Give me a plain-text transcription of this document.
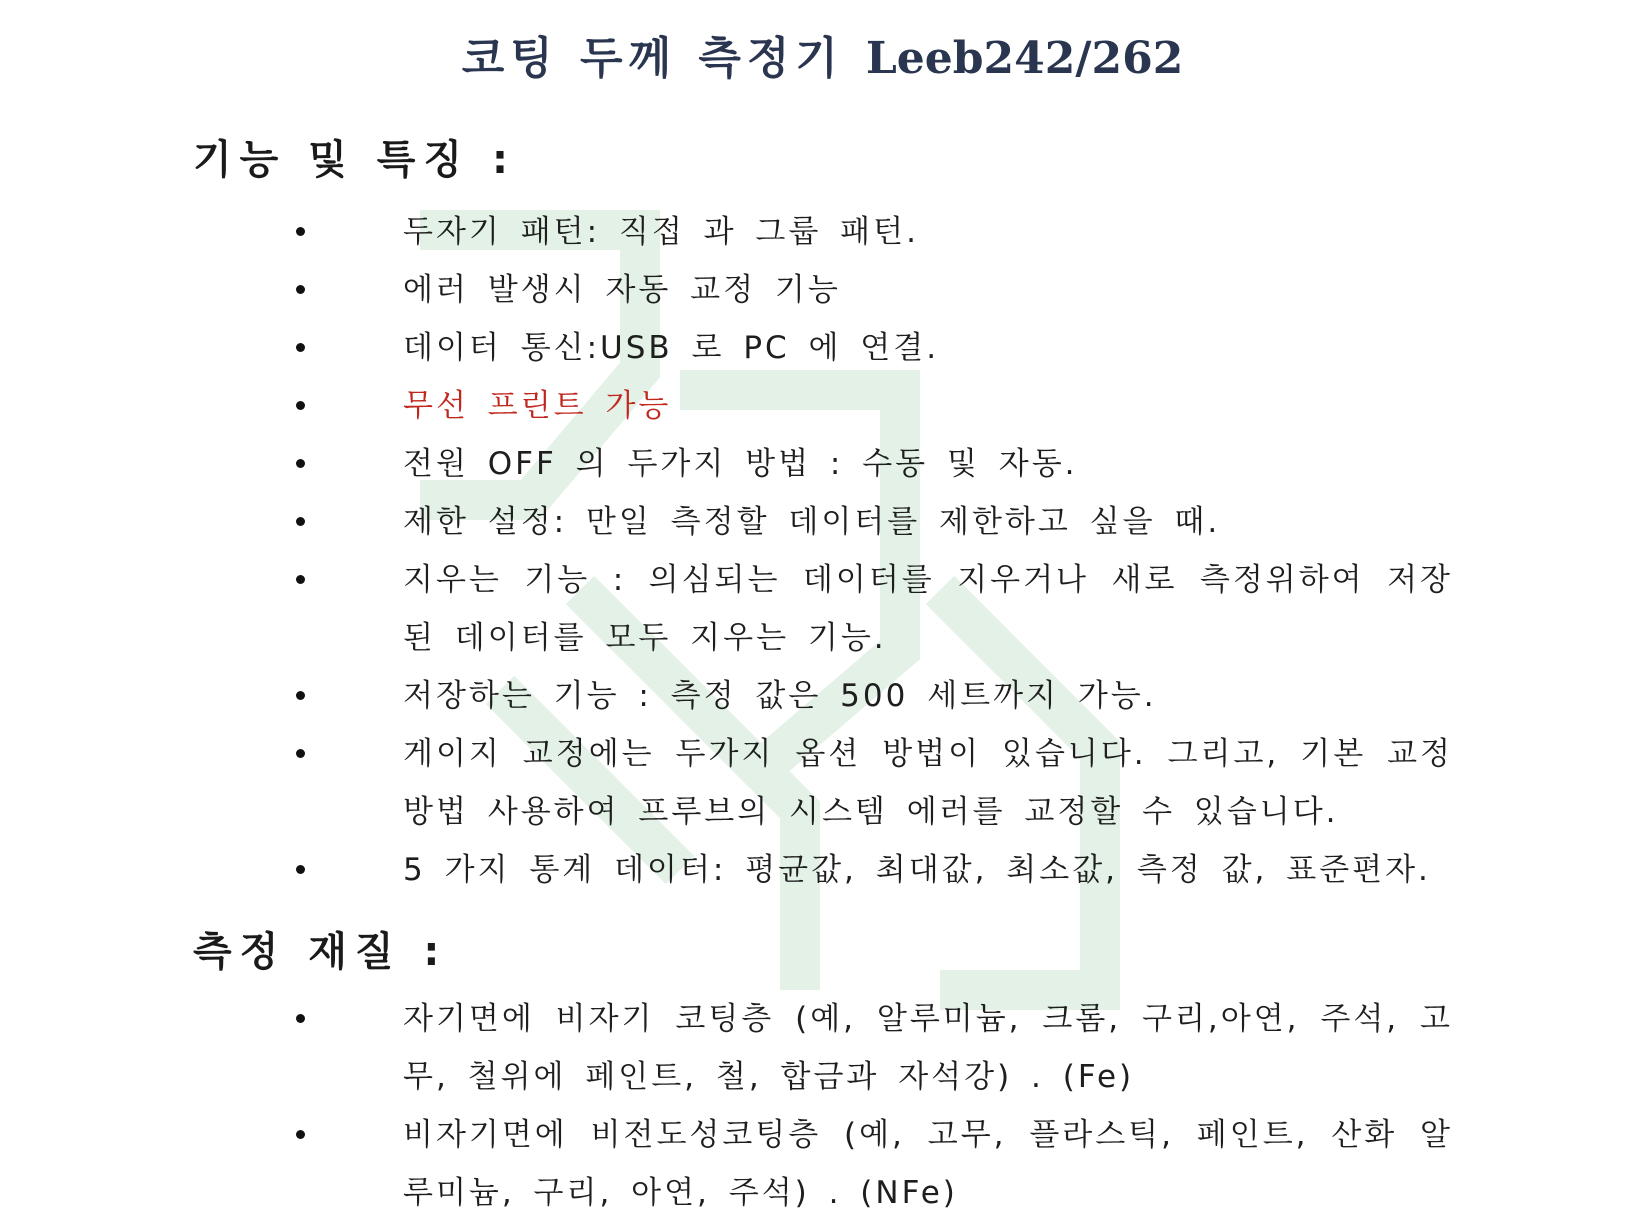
코팅 두께 측정기 Leeb242/262
기능 및 특징 :
두자기 패턴: 직접 과 그룹 패턴.
에러 발생시 자동 교정 기능
데이터 통신:USB 로 PC 에 연결.
무선 프린트 가능
전원 OFF 의 두가지 방법 : 수동 및 자동.
제한 설정: 만일 측정할 데이터를 제한하고 싶을 때.
지우는 기능 : 의심되는 데이터를 지우거나 새로 측정위하여 저장된 데이터를 모두 지우는 기능.
저장하는 기능 : 측정 값은 500 세트까지 가능.
게이지 교정에는 두가지 옵션 방법이 있습니다. 그리고, 기본 교정 방법 사용하여 프루브의 시스템 에러를 교정할 수 있습니다.
5 가지 통계 데이터: 평균값, 최대값, 최소값, 측정 값, 표준편자.
측정 재질 :
자기면에 비자기 코팅층 (예, 알루미늄, 크롬, 구리,아연, 주석, 고무, 철위에 페인트, 철, 합금과 자석강) . (Fe)
비자기면에 비전도성코팅층 (예, 고무, 플라스틱, 페인트, 산화 알루미늄, 구리, 아연, 주석) . (NFe)
